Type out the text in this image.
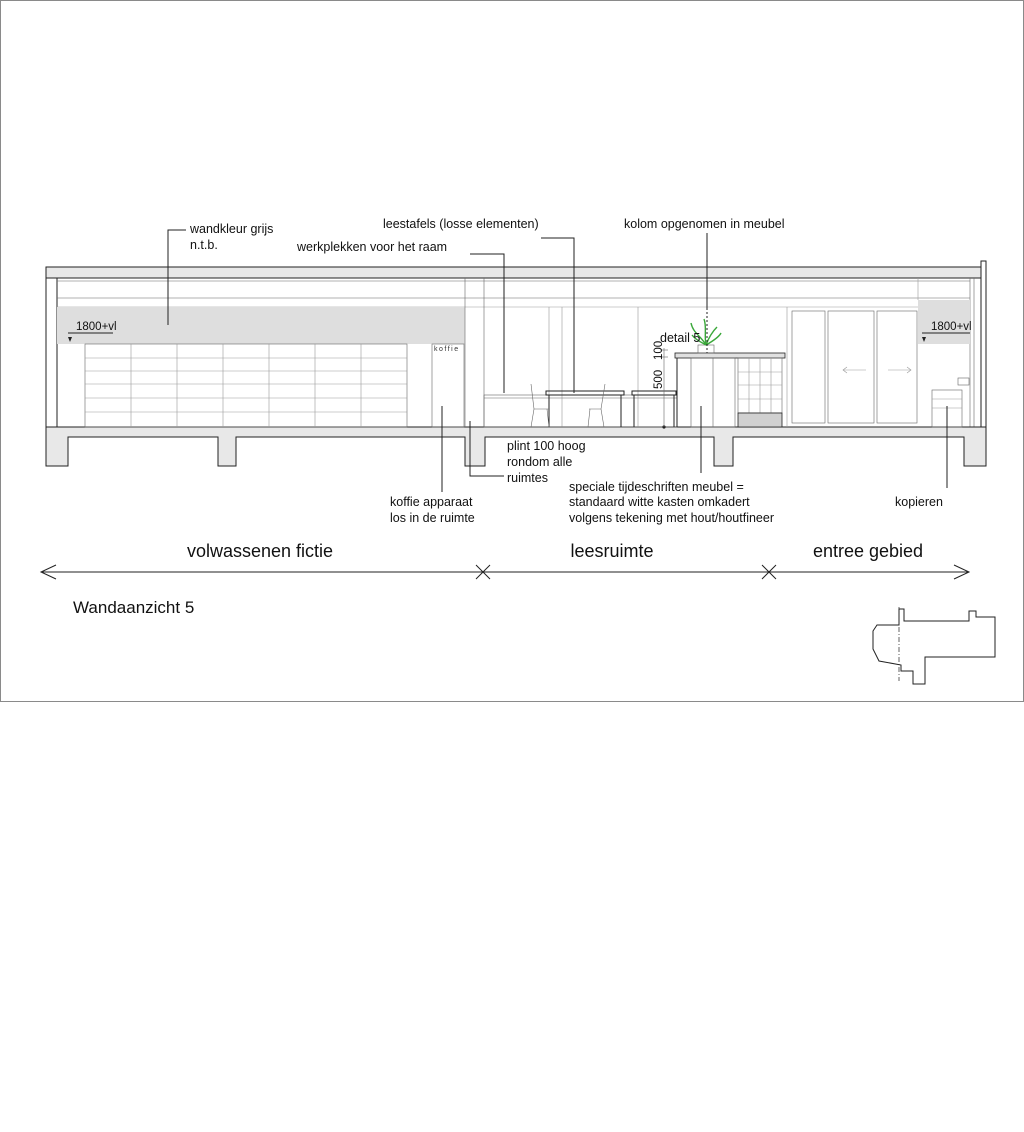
koffie
1800+vl	1800+vl
detail 5
500
100
wandkleur grijs
n.t.b.
leestafels (losse elementen)
werkplekken voor het raam
kolom opgenomen in meubel
plint 100 hoog
rondom alle
ruimtes
koffie apparaat
los in de ruimte
speciale tijdeschriften meubel =
standaard witte kasten omkadert
volgens tekening met hout/houtfineer
kopieren
volwassenen fictie	leesruimte	entree gebied
Wandaanzicht 5
